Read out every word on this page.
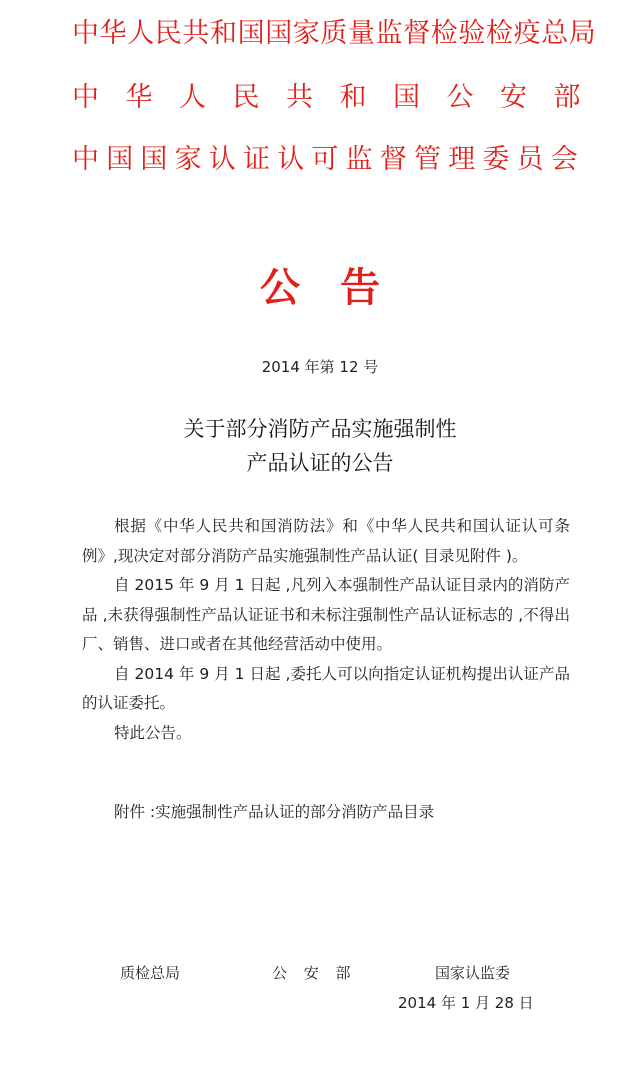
中华人民共和国国家质量监督检验检疫总局
中华人民共和国公安部
中国国家认证认可监督管理委员会
公告
2014 年第 12 号
关于部分消防产品实施强制性
产品认证的公告

根据《中华人民共和国消防法》和《中华人民共和国认证认可条例》,现决定对部分消防产品实施强制性产品认证( 目录见附件 )。

自 2015 年 9 月 1 日起 ,凡列入本强制性产品认证目录内的消防产品 ,未获得强制性产品认证证书和未标注强制性产品认证标志的 ,不得出厂、销售、进口或者在其他经营活动中使用。

自 2014 年 9 月 1 日起 ,委托人可以向指定认证机构提出认证产品的认证委托。

特此公告。

附件 :实施强制性产品认证的部分消防产品目录
质检总局	公 安 部	国家认监委
2014 年 1 月 28 日
